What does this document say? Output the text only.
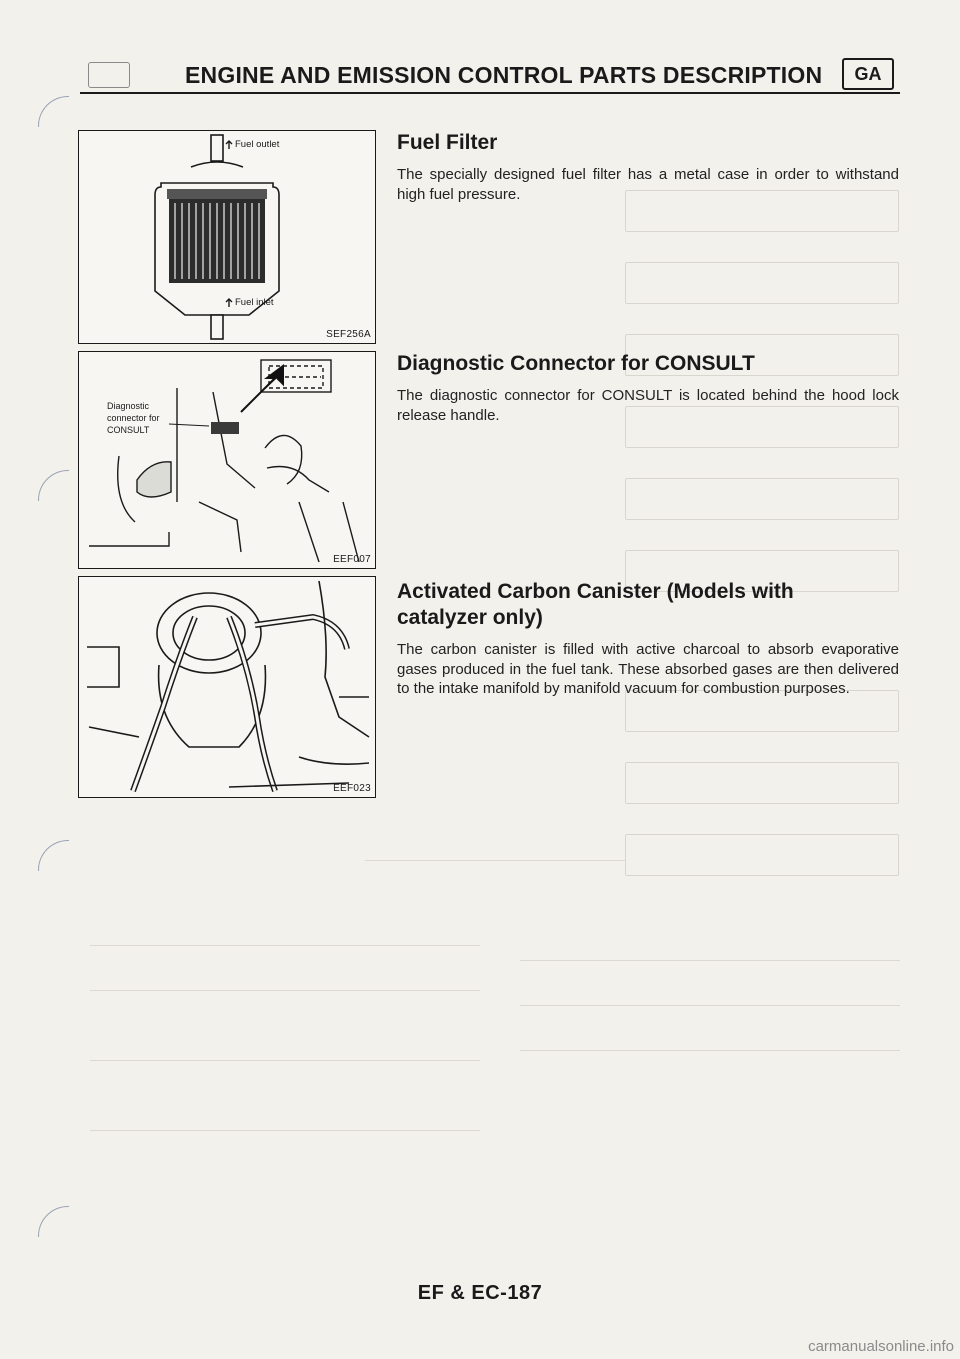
ENGINE AND EMISSION CONTROL PARTS DESCRIPTION	GA
Fuel outlet
Fuel inlet
SEF256A
Diagnostic
connector for
CONSULT
EEF007
EEF023
Fuel Filter

The specially designed fuel filter has a metal case in order to withstand high fuel pressure.

Diagnostic Connector for CONSULT

The diagnostic connector for CONSULT is located behind the hood lock release handle.

Activated Carbon Canister (Models with catalyzer only)

The carbon canister is filled with active charcoal to absorb evaporative gases produced in the fuel tank. These absorbed gases are then delivered to the intake manifold by manifold vacuum for combustion purposes.

EF & EC-187
carmanualsonline.info
